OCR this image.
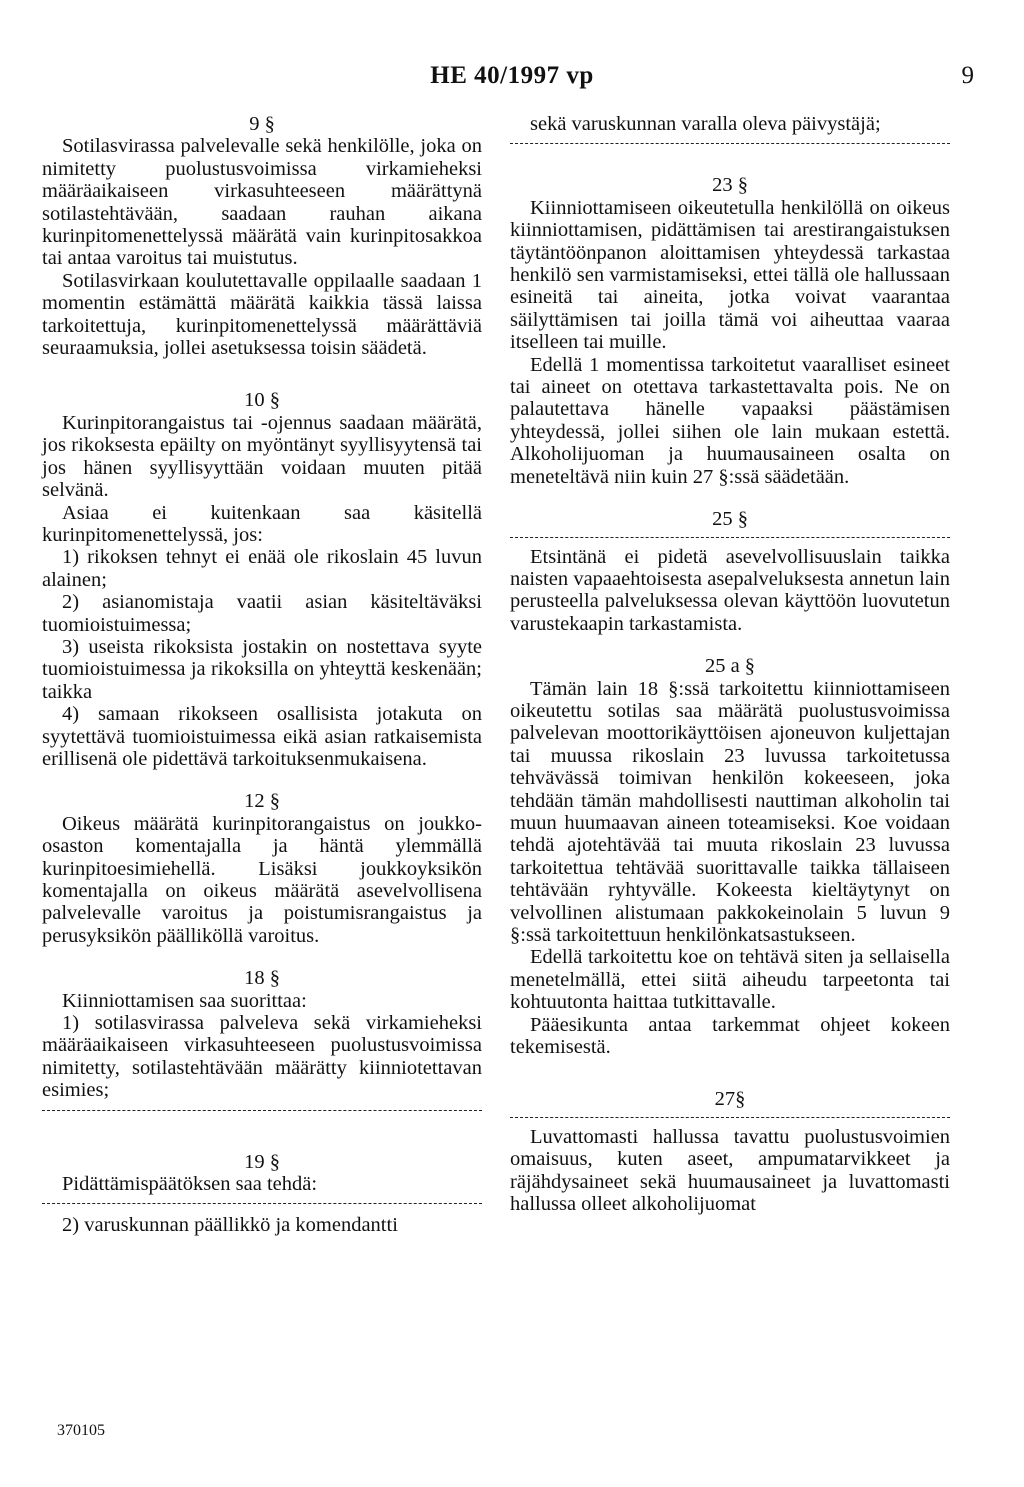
HE 40/1997 vp	9

9 §

Sotilasvirassa palvelevalle sekä henkilölle, joka on nimitetty puolustusvoimissa virkamieheksi määräaikaiseen virkasuhteeseen määrättynä sotilastehtävään, saadaan rauhan aikana kurinpitomenettelyssä määrätä vain kurinpitosakkoa tai antaa varoitus tai muistutus.

Sotilasvirkaan koulutettavalle oppilaalle saadaan 1 momentin estämättä määrätä kaikkia tässä laissa tarkoitettuja, kurinpitomenettelyssä määrättäviä seuraamuksia, jollei asetuksessa toisin säädetä.

10 §

Kurinpitorangaistus tai -ojennus saadaan määrätä, jos rikoksesta epäilty on myöntänyt syyllisyytensä tai jos hänen syyllisyyttään voidaan muuten pitää selvänä.

Asiaa ei kuitenkaan saa käsitellä kurinpitomenettelyssä, jos:

1) rikoksen tehnyt ei enää ole rikoslain 45 luvun alainen;

2) asianomistaja vaatii asian käsiteltäväksi tuomioistuimessa;

3) useista rikoksista jostakin on nostettava syyte tuomioistuimessa ja rikoksilla on yhteyttä keskenään; taikka

4) samaan rikokseen osallisista jotakuta on syytettävä tuomioistuimessa eikä asian ratkaisemista erillisenä ole pidettävä tarkoituksenmukaisena.

12 §

Oikeus määrätä kurinpitorangaistus on joukko-osaston komentajalla ja häntä ylemmällä kurinpitoesimiehellä. Lisäksi joukkoyksikön komentajalla on oikeus määrätä asevelvollisena palvelevalle varoitus ja poistumisrangaistus ja perusyksikön päälliköllä varoitus.

18 §

Kiinniottamisen saa suorittaa:

1) sotilasvirassa palveleva sekä virkamieheksi määräaikaiseen virkasuhteeseen puolustusvoimissa nimitetty, sotilastehtävään määrätty kiinniotettavan esimies;

19 §

Pidättämispäätöksen saa tehdä:

2) varuskunnan päällikkö ja komendantti

sekä varuskunnan varalla oleva päivystäjä;

23 §

Kiinniottamiseen oikeutetulla henkilöllä on oikeus kiinniottamisen, pidättämisen tai arestirangaistuksen täytäntöönpanon aloittamisen yhteydessä tarkastaa henkilö sen varmistamiseksi, ettei tällä ole hallussaan esineitä tai aineita, jotka voivat vaarantaa säilyttämisen tai joilla tämä voi aiheuttaa vaaraa itselleen tai muille.

Edellä 1 momentissa tarkoitetut vaaralliset esineet tai aineet on otettava tarkastettavalta pois. Ne on palautettava hänelle vapaaksi päästämisen yhteydessä, jollei siihen ole lain mukaan estettä. Alkoholijuoman ja huumausaineen osalta on meneteltävä niin kuin 27 §:ssä säädetään.

25 §

Etsintänä ei pidetä asevelvollisuuslain taikka naisten vapaaehtoisesta asepalveluksesta annetun lain perusteella palveluksessa olevan käyttöön luovutetun varustekaapin tarkastamista.

25 a §

Tämän lain 18 §:ssä tarkoitettu kiinniottamiseen oikeutettu sotilas saa määrätä puolustusvoimissa palvelevan moottorikäyttöisen ajoneuvon kuljettajan tai muussa rikoslain 23 luvussa tarkoitetussa tehvävässä toimivan henkilön kokeeseen, joka tehdään tämän mahdollisesti nauttiman alkoholin tai muun huumaavan aineen toteamiseksi. Koe voidaan tehdä ajotehtävää tai muuta rikoslain 23 luvussa tarkoitettua tehtävää suorittavalle taikka tällaiseen tehtävään ryhtyvälle. Kokeesta kieltäytynyt on velvollinen alistumaan pakkokeinolain 5 luvun 9 §:ssä tarkoitettuun henkilönkatsastukseen.

Edellä tarkoitettu koe on tehtävä siten ja sellaisella menetelmällä, ettei siitä aiheudu tarpeetonta tai kohtuutonta haittaa tutkittavalle.

Pääesikunta antaa tarkemmat ohjeet kokeen tekemisestä.

27§

Luvattomasti hallussa tavattu puolustusvoimien omaisuus, kuten aseet, ampumatarvikkeet ja räjähdysaineet sekä huumausaineet ja luvattomasti hallussa olleet alkoholijuomat

370105
